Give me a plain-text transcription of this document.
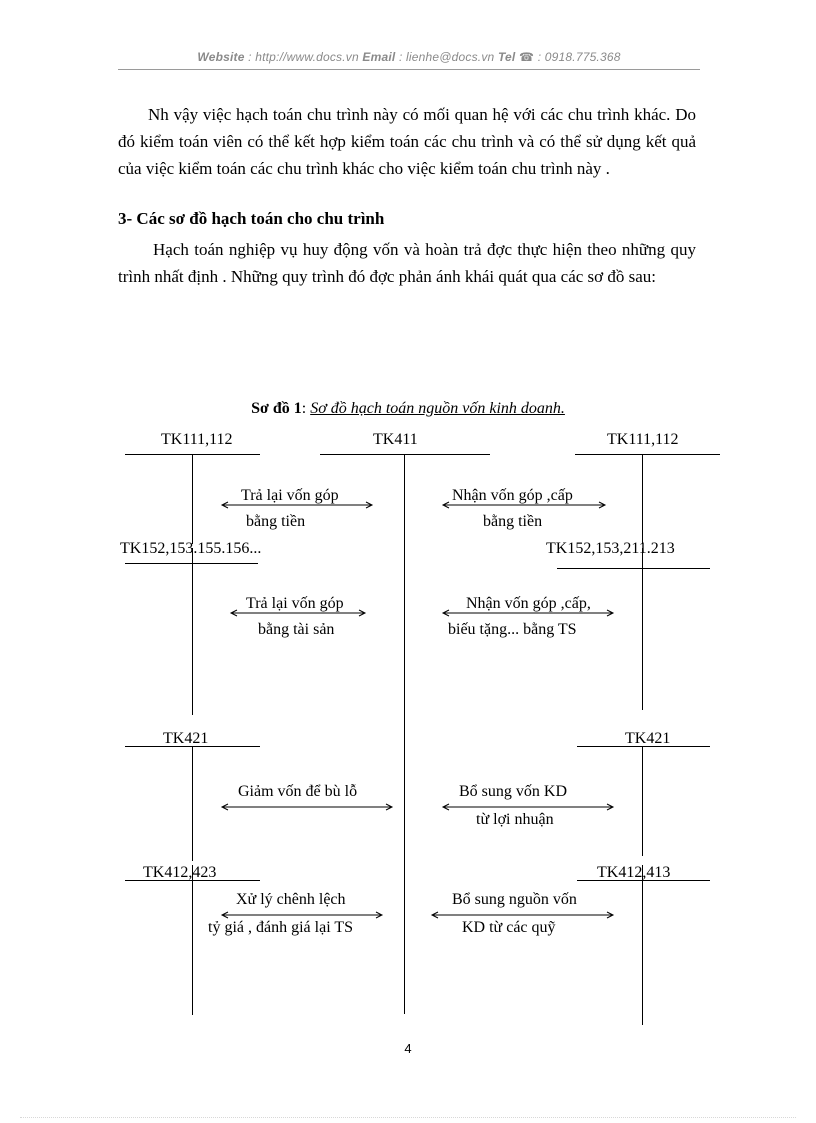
Website : http://www.docs.vn Email : lienhe@docs.vn Tel ☎ : 0918.775.368

Nh vậy việc hạch toán chu trình này có mối quan hệ với các chu trình khác. Do đó kiểm toán viên có thể kết hợp kiểm toán các chu trình và có thể sử dụng kết quả của việc kiểm toán các chu trình khác cho việc kiểm toán chu trình này .

3- Các sơ đồ hạch toán cho chu trình

Hạch toán nghiệp vụ huy động vốn và hoàn trả đợc thực hiện theo những quy trình nhất định . Những quy trình đó đợc phản ánh khái quát qua các sơ đồ sau:

Sơ đồ 1: Sơ đồ hạch toán nguồn vốn kinh doanh.
TK111,112	TK411	TK111,112
Trả lại vốn góp
bằng tiền
Nhận vốn góp ,cấp
bằng tiền
TK152,153.155.156...	TK152,153,211.213
Trả lại vốn góp
bằng tài sản
Nhận vốn góp ,cấp,
biếu tặng... bằng TS
TK421	TK421
Giảm vốn để bù lỗ	Bổ sung vốn KD
từ lợi nhuận
TK412,423	TK412,413
Xử lý chênh lệch
tỷ giá , đánh giá lại TS
Bổ sung nguồn vốn
KD từ các quỹ
4
